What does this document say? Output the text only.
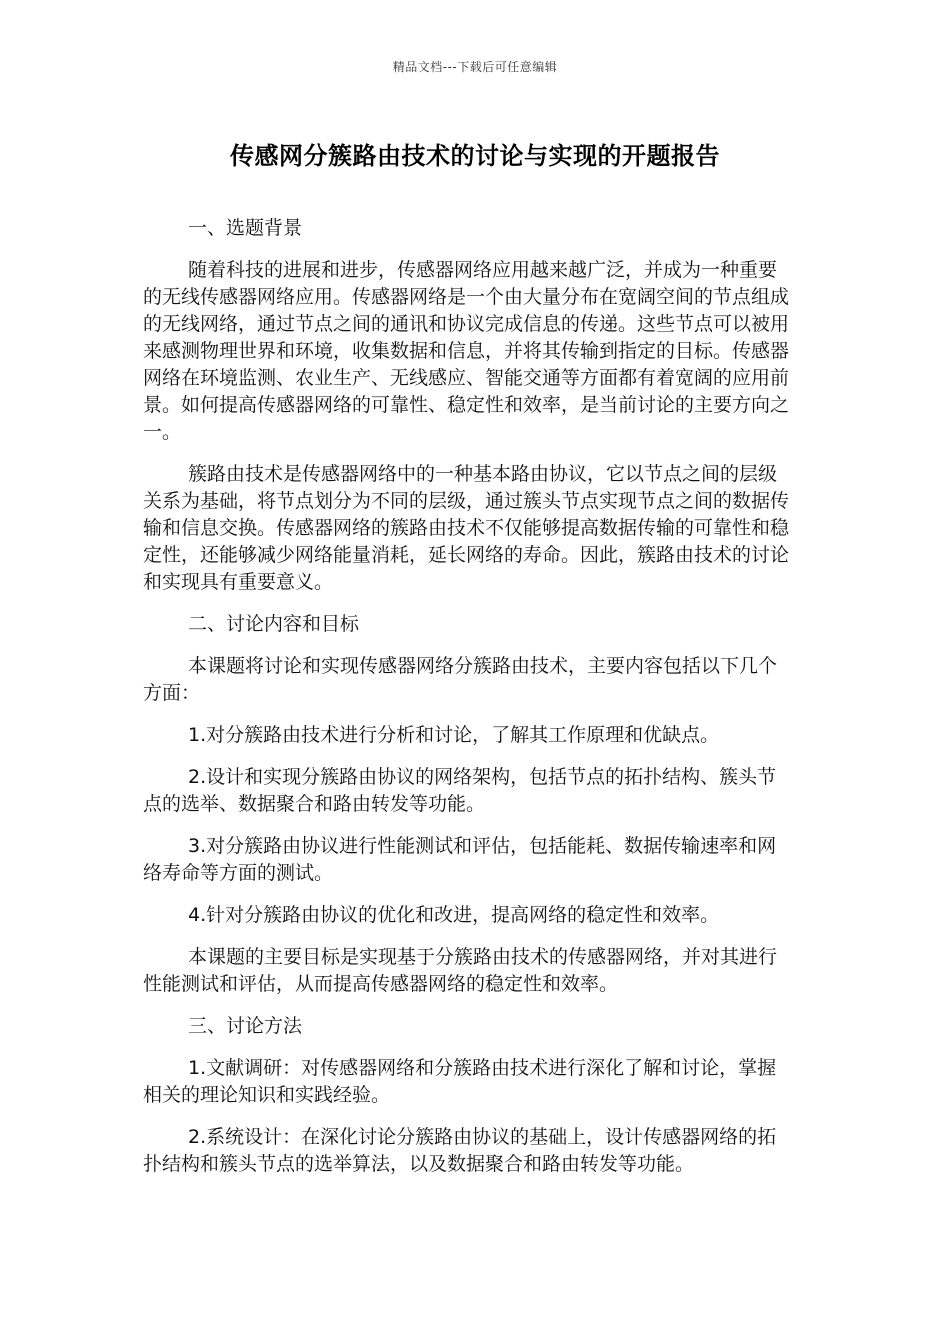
精品文档---下载后可任意编辑
传感网分簇路由技术的讨论与实现的开题报告
一、选题背景
随着科技的进展和进步，传感器网络应用越来越广泛，并成为一种重要的无线传感器网络应用。传感器网络是一个由大量分布在宽阔空间的节点组成的无线网络，通过节点之间的通讯和协议完成信息的传递。这些节点可以被用来感测物理世界和环境，收集数据和信息，并将其传输到指定的目标。传感器网络在环境监测、农业生产、无线感应、智能交通等方面都有着宽阔的应用前景。如何提高传感器网络的可靠性、稳定性和效率，是当前讨论的主要方向之一。
簇路由技术是传感器网络中的一种基本路由协议，它以节点之间的层级关系为基础，将节点划分为不同的层级，通过簇头节点实现节点之间的数据传输和信息交换。传感器网络的簇路由技术不仅能够提高数据传输的可靠性和稳定性，还能够减少网络能量消耗，延长网络的寿命。因此，簇路由技术的讨论和实现具有重要意义。
二、讨论内容和目标
本课题将讨论和实现传感器网络分簇路由技术，主要内容包括以下几个方面：
1.对分簇路由技术进行分析和讨论，了解其工作原理和优缺点。
2.设计和实现分簇路由协议的网络架构，包括节点的拓扑结构、簇头节点的选举、数据聚合和路由转发等功能。
3.对分簇路由协议进行性能测试和评估，包括能耗、数据传输速率和网络寿命等方面的测试。
4.针对分簇路由协议的优化和改进，提高网络的稳定性和效率。
本课题的主要目标是实现基于分簇路由技术的传感器网络，并对其进行性能测试和评估，从而提高传感器网络的稳定性和效率。
三、讨论方法
1.文献调研：对传感器网络和分簇路由技术进行深化了解和讨论，掌握相关的理论知识和实践经验。
2.系统设计：在深化讨论分簇路由协议的基础上，设计传感器网络的拓扑结构和簇头节点的选举算法，以及数据聚合和路由转发等功能。
